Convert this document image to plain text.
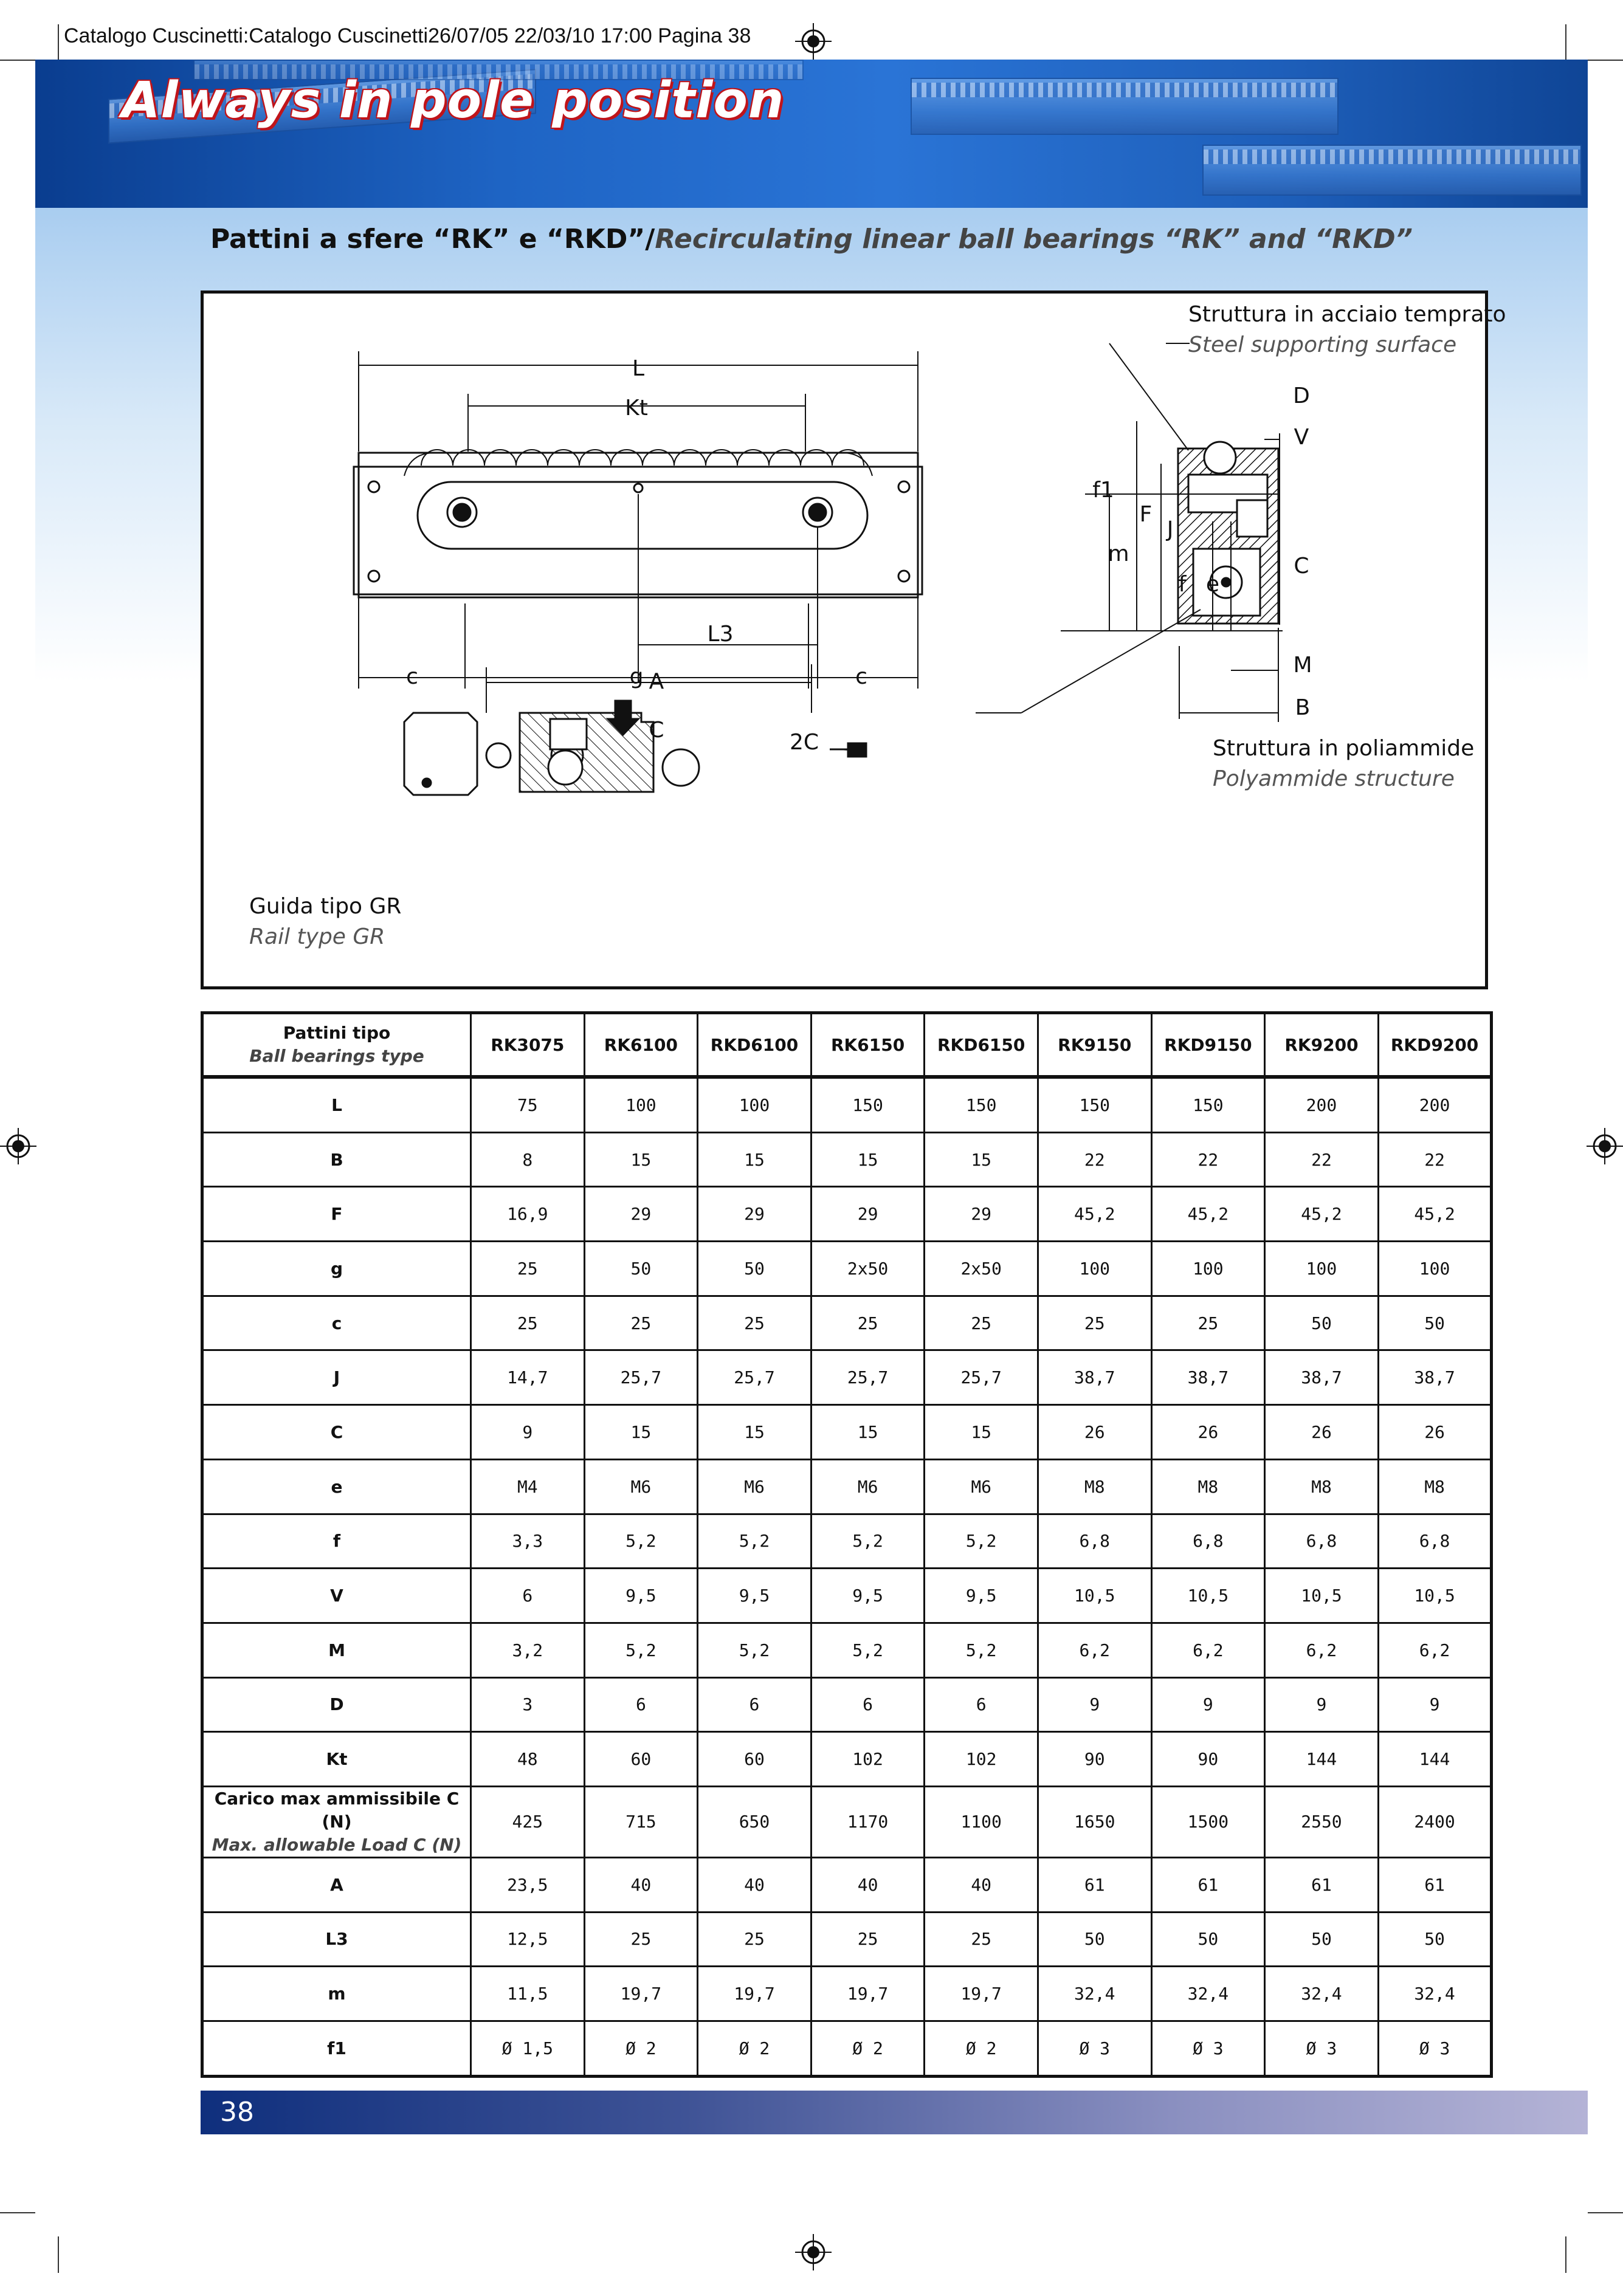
Catalogo Cuscinetti:Catalogo Cuscinetti26/07/05 22/03/10 17:00 Pagina 38
Always in pole position
Pattini a sfere “RK” e “RKD”/Recirculating linear ball bearings “RK” and “RKD”
L
Kt
L3
c	g	c
A
C	2C
D
V
C
M
B
f1
m
F
J
f e
Struttura in acciaio temprato
Steel supporting surface
Struttura in poliammide
Polyammide structure
Guida tipo GR
Rail type GR
Pattini tipo
Ball bearings type	RK3075	RK6100	RKD6100	RK6150	RKD6150	RK9150	RKD9150	RK9200	RKD9200
L	75	100	100	150	150	150	150	200	200
B	8	15	15	15	15	22	22	22	22
F	16,9	29	29	29	29	45,2	45,2	45,2	45,2
g	25	50	50	2x50	2x50	100	100	100	100
c	25	25	25	25	25	25	25	50	50
J	14,7	25,7	25,7	25,7	25,7	38,7	38,7	38,7	38,7
C	9	15	15	15	15	26	26	26	26
e	M4	M6	M6	M6	M6	M8	M8	M8	M8
f	3,3	5,2	5,2	5,2	5,2	6,8	6,8	6,8	6,8
V	6	9,5	9,5	9,5	9,5	10,5	10,5	10,5	10,5
M	3,2	5,2	5,2	5,2	5,2	6,2	6,2	6,2	6,2
D	3	6	6	6	6	9	9	9	9
Kt	48	60	60	102	102	90	90	144	144
Carico max ammissibile C (N)
Max. allowable Load C (N)	425	715	650	1170	1100	1650	1500	2550	2400
A	23,5	40	40	40	40	61	61	61	61
L3	12,5	25	25	25	25	50	50	50	50
m	11,5	19,7	19,7	19,7	19,7	32,4	32,4	32,4	32,4
f1	Ø 1,5	Ø 2	Ø 2	Ø 2	Ø 2	Ø 3	Ø 3	Ø 3	Ø 3
38
